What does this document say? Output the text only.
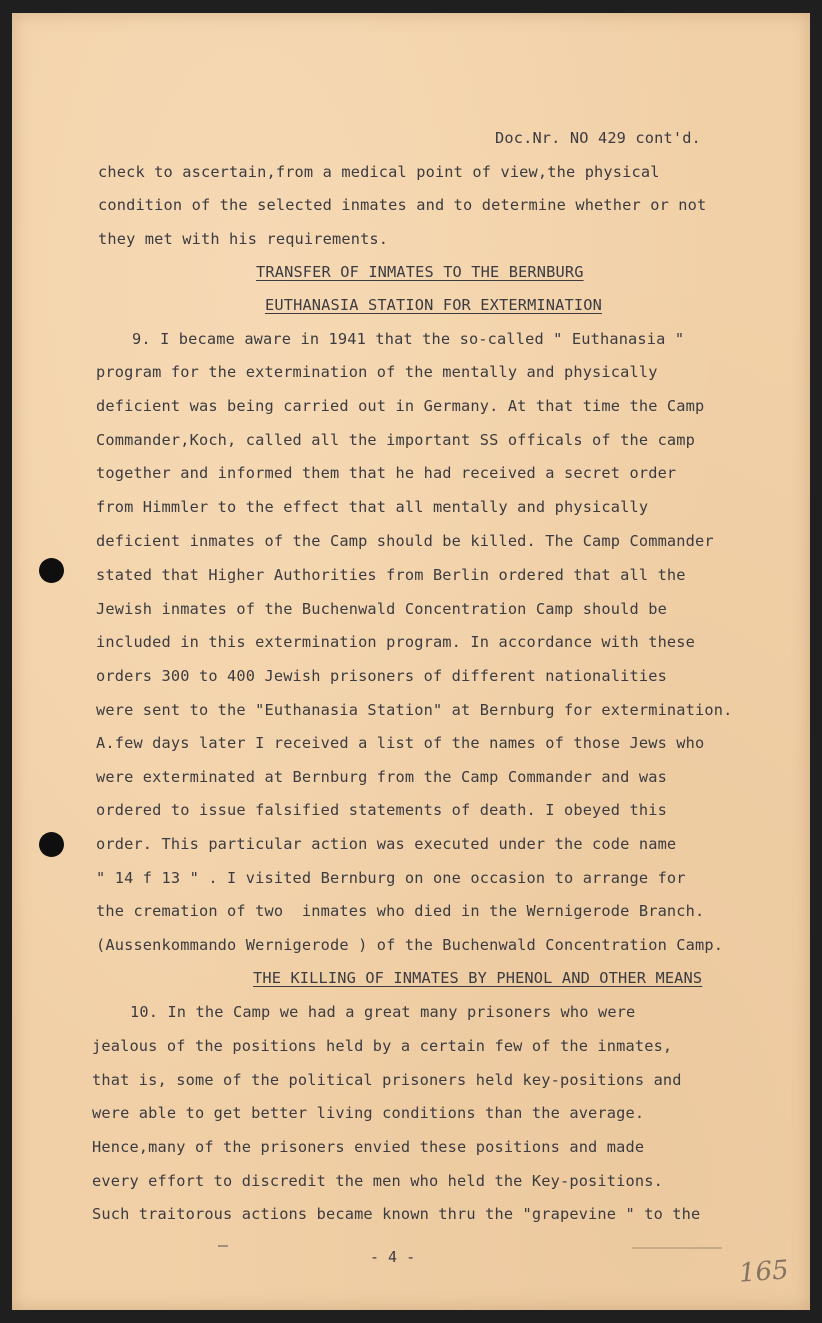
Doc.Nr. NO 429 cont'd.
check to ascertain,from a medical point of view,the physical
condition of the selected inmates and to determine whether or not
they met with his requirements.
TRANSFER OF INMATES TO THE BERNBURG
EUTHANASIA STATION FOR EXTERMINATION
9. I became aware in 1941 that the so-called " Euthanasia "
program for the extermination of the mentally and physically
deficient was being carried out in Germany. At that time the Camp
Commander,Koch, called all the important SS officals of the camp
together and informed them that he had received a secret order
from Himmler to the effect that all mentally and physically
deficient inmates of the Camp should be killed. The Camp Commander
stated that Higher Authorities from Berlin ordered that all the
Jewish inmates of the Buchenwald Concentration Camp should be
included in this extermination program. In accordance with these
orders 300 to 400 Jewish prisoners of different nationalities
were sent to the "Euthanasia Station" at Bernburg for extermination.
A.few days later I received a list of the names of those Jews who
were exterminated at Bernburg from the Camp Commander and was
ordered to issue falsified statements of death. I obeyed this
order. This particular action was executed under the code name
" 14 f 13 " . I visited Bernburg on one occasion to arrange for
the cremation of two  inmates who died in the Wernigerode Branch.
(Aussenkommando Wernigerode ) of the Buchenwald Concentration Camp.
THE KILLING OF INMATES BY PHENOL AND OTHER MEANS
10. In the Camp we had a great many prisoners who were
jealous of the positions held by a certain few of the inmates,
that is, some of the political prisoners held key-positions and
were able to get better living conditions than the average.
Hence,many of the prisoners envied these positions and made
every effort to discredit the men who held the Key-positions.
Such traitorous actions became known thru the "grapevine " to the
- 4 -	165
